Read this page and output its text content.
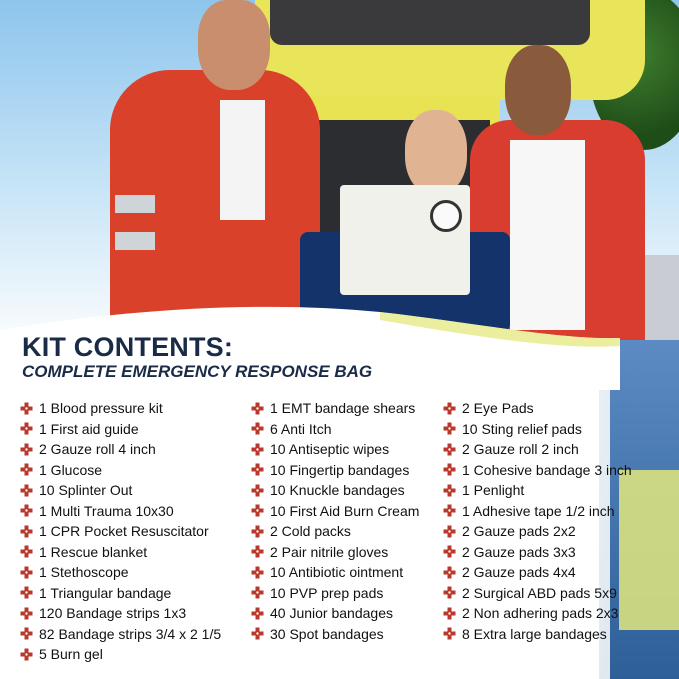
KIT CONTENTS:
COMPLETE EMERGENCY RESPONSE BAG
1 Blood pressure kit
1 First aid guide
2 Gauze roll 4 inch
1 Glucose
10 Splinter Out
1 Multi Trauma 10x30
1 CPR Pocket Resuscitator
1 Rescue blanket
1 Stethoscope
1 Triangular bandage
120 Bandage strips 1x3
82 Bandage strips 3/4 x 2 1/5
5 Burn gel
1 EMT bandage shears
6 Anti Itch
10 Antiseptic wipes
10 Fingertip bandages
10 Knuckle bandages
10 First Aid Burn Cream
2 Cold packs
2 Pair nitrile gloves
10 Antibiotic ointment
10 PVP prep pads
40 Junior bandages
30 Spot bandages
2 Eye Pads
10 Sting relief pads
2 Gauze roll 2 inch
1 Cohesive bandage 3 inch
1 Penlight
1 Adhesive tape 1/2 inch
2 Gauze pads 2x2
2 Gauze pads 3x3
2 Gauze pads 4x4
2 Surgical ABD pads 5x9
2 Non adhering pads 2x3
8 Extra large bandages
